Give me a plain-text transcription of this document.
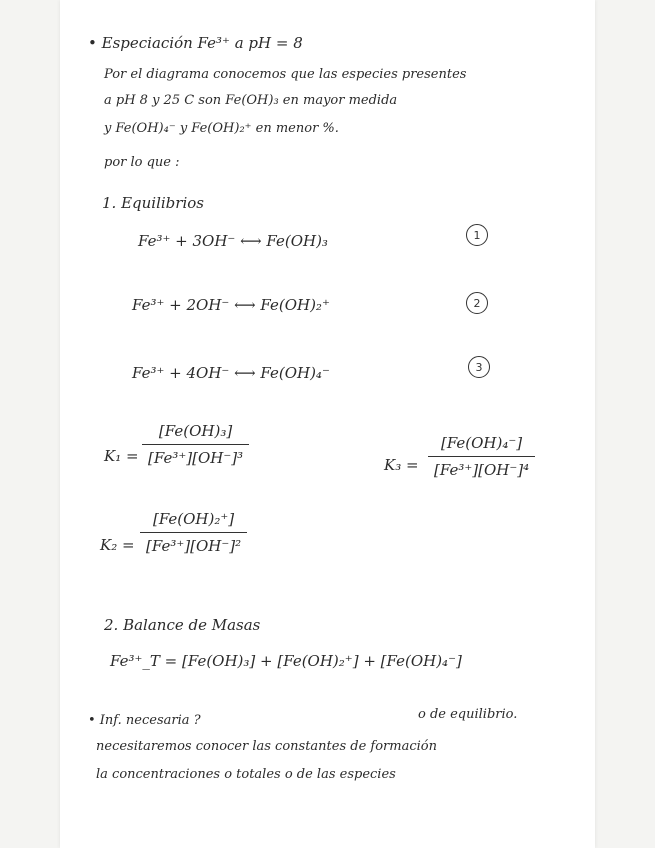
• Especiación Fe³⁺ a pH = 8
Por el diagrama conocemos que las especies presentes
a pH 8 y 25 C son Fe(OH)₃ en mayor medida
y Fe(OH)₄⁻ y Fe(OH)₂⁺ en menor %.
por lo que :
1. Equilibrios
Fe³⁺ + 3OH⁻ ⟷ Fe(OH)₃	1
Fe³⁺ + 2OH⁻ ⟷ Fe(OH)₂⁺	2
Fe³⁺ + 4OH⁻ ⟷ Fe(OH)₄⁻	3
K₁ =
[Fe(OH)₃]
[Fe³⁺][OH⁻]³	K₃ =
[Fe(OH)₄⁻]
[Fe³⁺][OH⁻]⁴
K₂ =
[Fe(OH)₂⁺]
[Fe³⁺][OH⁻]²
2. Balance de Masas
Fe³⁺_T = [Fe(OH)₃] + [Fe(OH)₂⁺] + [Fe(OH)₄⁻]
• Inf. necesaria ?	o de equilibrio.
necesitaremos conocer las constantes de formación
la concentraciones o totales o de las especies
